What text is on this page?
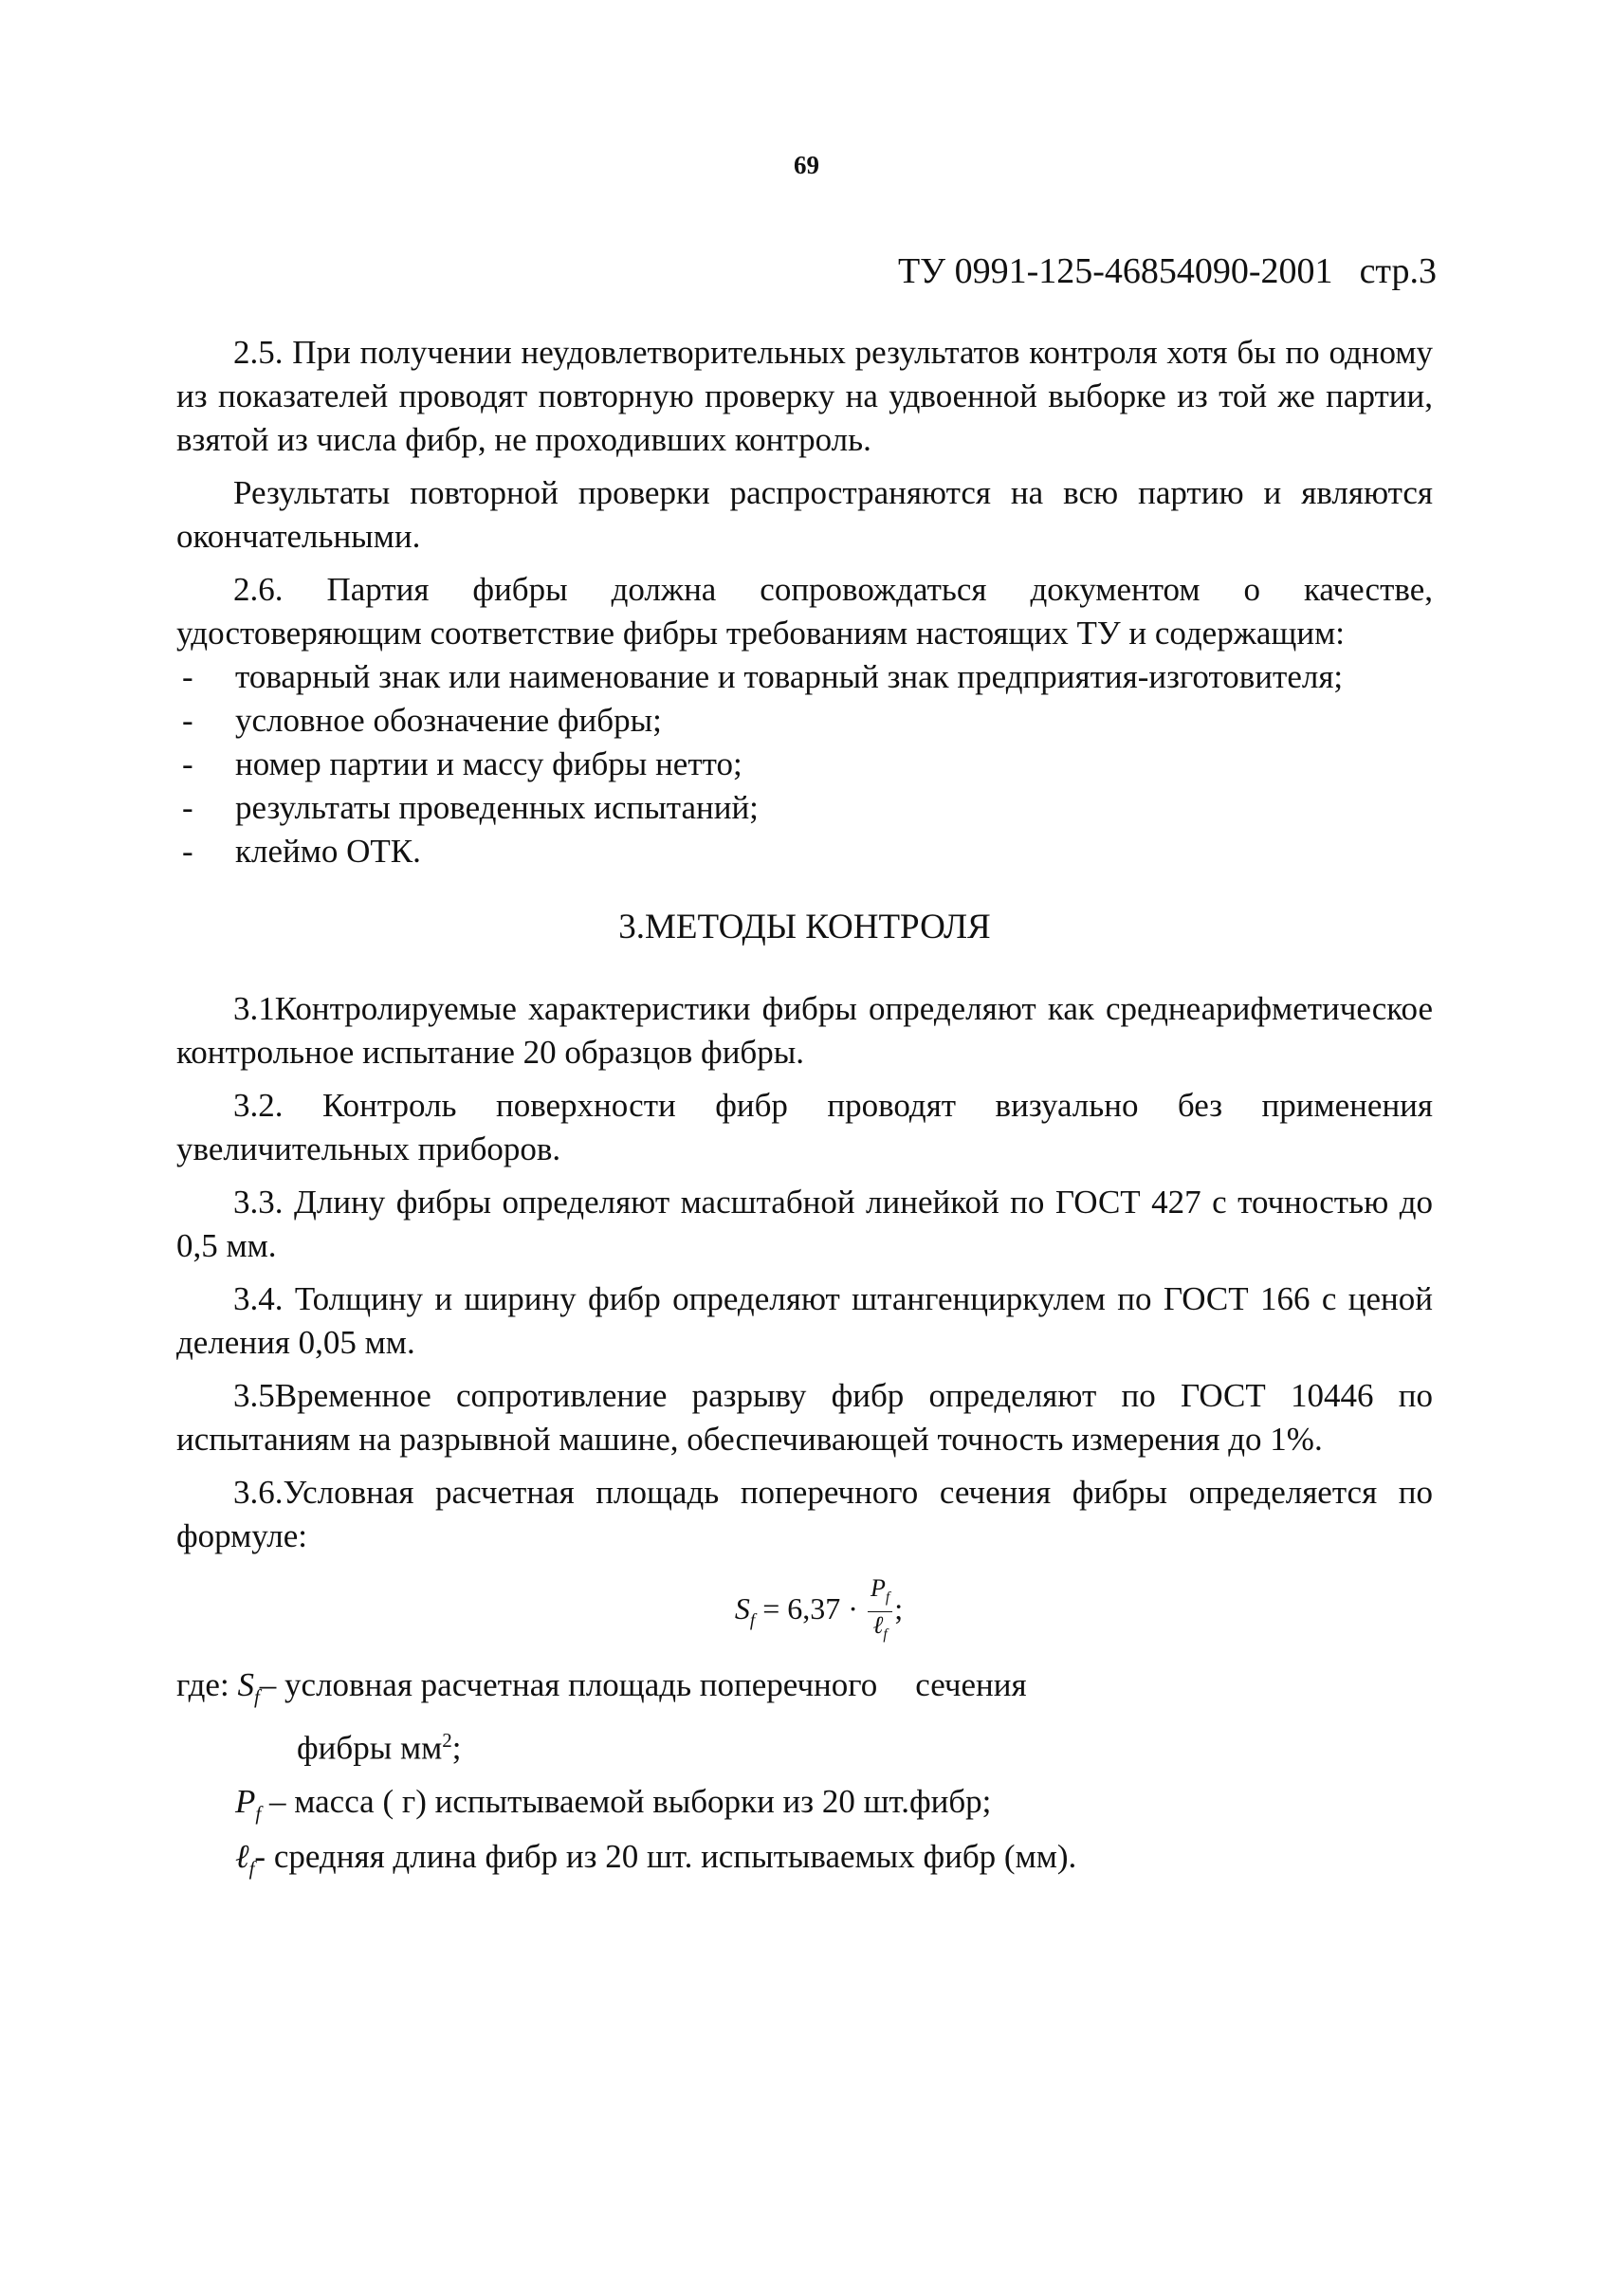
69
ТУ 0991-125-46854090-2001 стр.3

2.5. При получении неудовлетворительных результатов контроля хотя бы по одному из показателей проводят повторную проверку на удвоенной выборке из той же партии, взятой из числа фибр, не проходивших контроль.

Результаты повторной проверки распространяются на всю партию и являются окончательными.

2.6. Партия фибры должна сопровождаться документом о качестве, удостоверяющим соответствие фибры требованиям настоящих ТУ и содержащим:

- товарный знак или наименование и товарный знак предприятия-изготовителя;
- условное обозначение фибры;
- номер партии и массу фибры нетто;
- результаты проведенных испытаний;
- клеймо ОТК.
3.МЕТОДЫ КОНТРОЛЯ

3.1Контролируемые характеристики фибры определяют как среднеарифметическое контрольное испытание 20 образцов фибры.

3.2. Контроль поверхности фибр проводят визуально без применения увеличительных приборов.

3.3. Длину фибры определяют масштабной линейкой по ГОСТ 427 с точностью до 0,5 мм.

3.4. Толщину и ширину фибр определяют штангенциркулем по ГОСТ 166 с ценой деления 0,05 мм.

3.5Временное сопротивление разрыву фибр определяют по ГОСТ 10446 по испытаниям на разрывной машине, обеспечивающей точность измерения до 1%.

3.6.Условная расчетная площадь поперечного сечения фибры определяется по формуле:

$S_f = 6,37 \cdot \frac{P_f}{\ell_f}$ ;

где: $S_f-$ условная расчетная площадь поперечного сечения

фибры $мм^2$;

$P_f$ – масса ( г) испытываемой выборки из 20 шт.фибр;

ℓ$_f$- средняя длина фибр из 20 шт. испытываемых фибр (мм).
